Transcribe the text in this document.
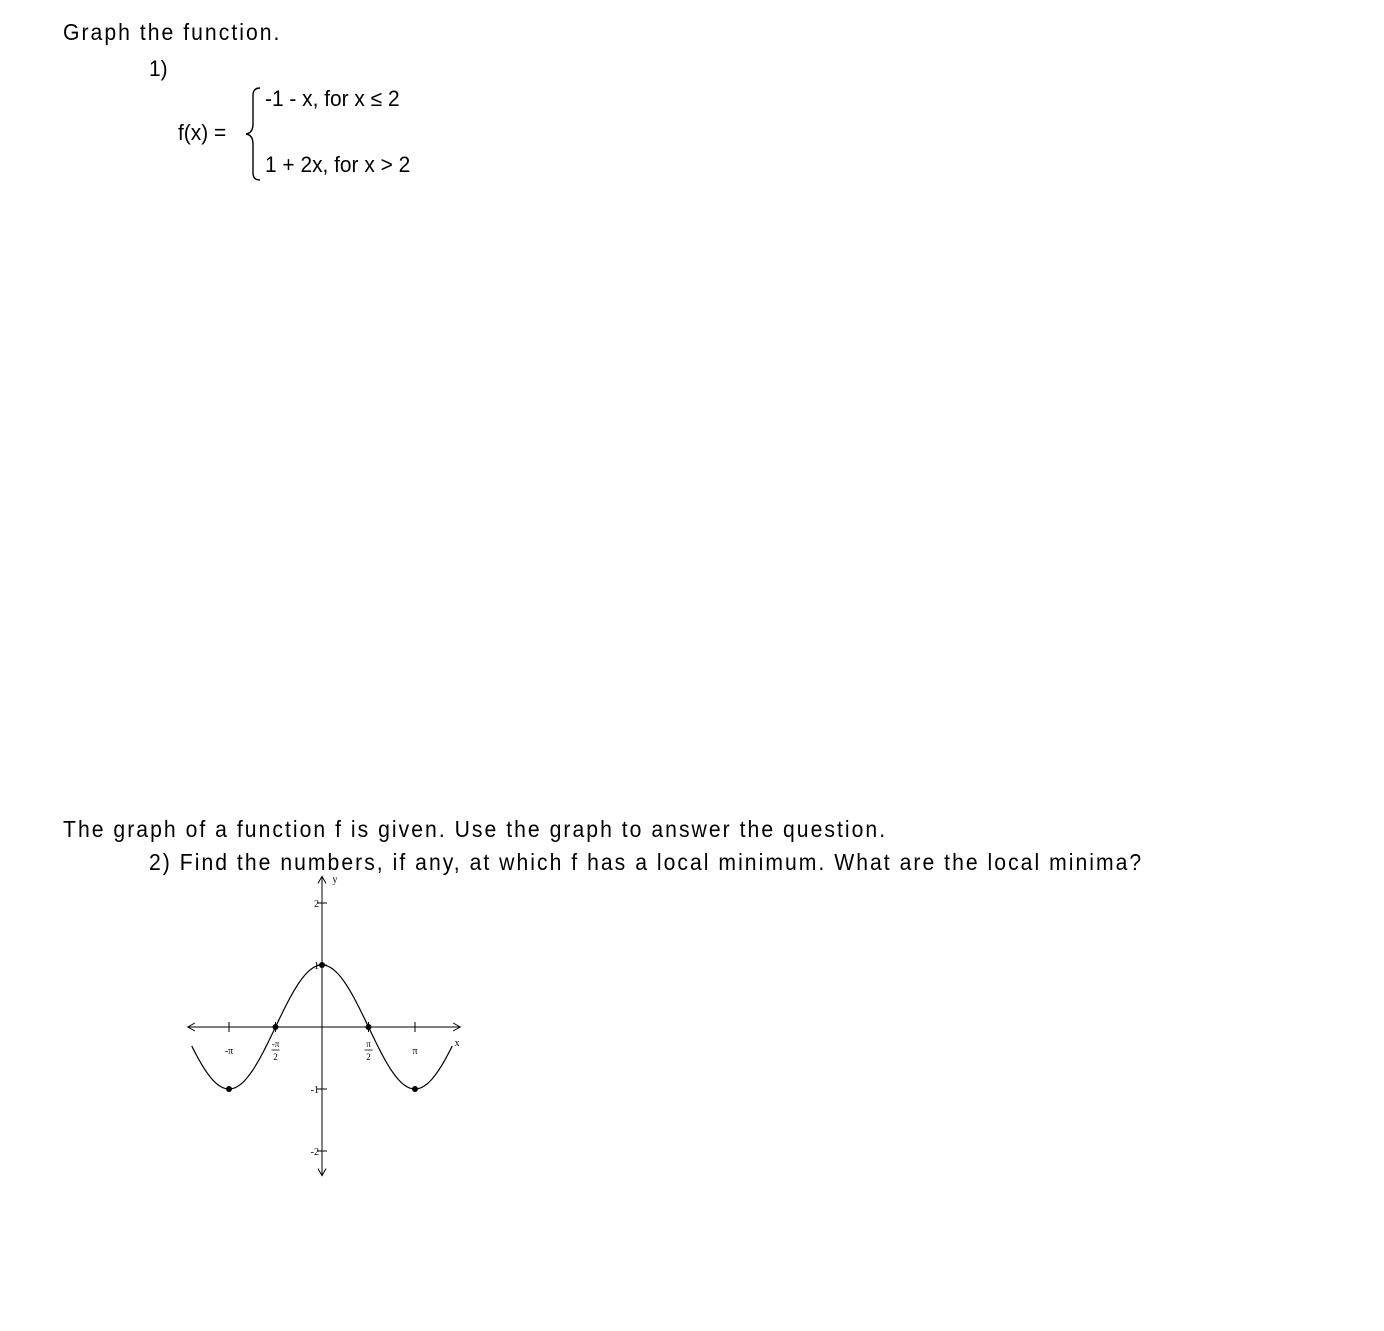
Graph the function.
1)
f(x) =
-1 - x, for x ≤ 2
1 + 2x, for x > 2
The graph of a function f is given. Use the graph to answer the question.
2) Find the numbers, if any, at which f has a local minimum. What are the local minima?
x
y
-π
-π
2
π
2	π
2
1
-1
-2
